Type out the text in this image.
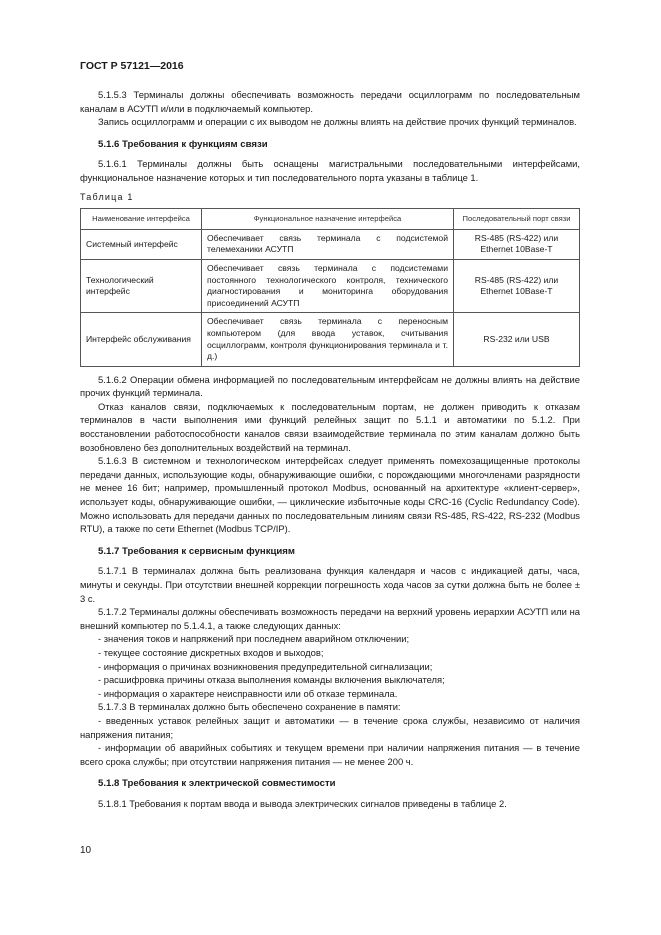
ГОСТ Р 57121—2016

5.1.5.3 Терминалы должны обеспечивать возможность передачи осциллограмм по последовательным каналам в АСУТП и/или в подключаемый компьютер.

Запись осциллограмм и операции с их выводом не должны влиять на действие прочих функций терминалов.

5.1.6 Требования к функциям связи

5.1.6.1 Терминалы должны быть оснащены магистральными последовательными интерфейсами, функциональное назначение которых и тип последовательного порта указаны в таблице 1.

Таблица 1
Наименование интерфейса	Функциональное назначение интерфейса	Последовательный порт связи
Системный интерфейс	Обеспечивает связь терминала с подсистемой телемеханики АСУТП	RS-485 (RS-422) или Ethernet 10Base-T
Технологический интерфейс	Обеспечивает связь терминала с подсистемами постоянного технологического контроля, технического диагностирования и мониторинга оборудования присоединений АСУТП	RS-485 (RS-422) или Ethernet 10Base-T
Интерфейс обслуживания	Обеспечивает связь терминала с переносным компьютером (для ввода уставок, считывания осциллограмм, контроля функционирования терминала и т. д.)	RS-232 или USB

5.1.6.2 Операции обмена информацией по последовательным интерфейсам не должны влиять на действие прочих функций терминала.

Отказ каналов связи, подключаемых к последовательным портам, не должен приводить к отказам терминалов в части выполнения ими функций релейных защит по 5.1.1 и автоматики по 5.1.2. При восстановлении работоспособности каналов связи взаимодействие терминала по этим каналам должно быть возобновлено без дополнительных воздействий на терминал.

5.1.6.3 В системном и технологическом интерфейсах следует применять помехозащищенные протоколы передачи данных, использующие коды, обнаруживающие ошибки, с порождающими многочленами разрядности не менее 16 бит; например, промышленный протокол Modbus, основанный на архитектуре «клиент-сервер», использует коды, обнаруживающие ошибки, — циклические избыточные коды CRC-16 (Cyclic Redundancy Code). Можно использовать для передачи данных по последовательным линиям связи RS-485, RS-422, RS-232 (Modbus RTU), а также по сети Ethernet (Modbus TCP/IP).

5.1.7 Требования к сервисным функциям

5.1.7.1 В терминалах должна быть реализована функция календаря и часов с индикацией даты, часа, минуты и секунды. При отсутствии внешней коррекции погрешность хода часов за сутки должна быть не более ± 3 с.

5.1.7.2 Терминалы должны обеспечивать возможность передачи на верхний уровень иерархии АСУТП или на внешний компьютер по 5.1.4.1, а также следующих данных:

- значения токов и напряжений при последнем аварийном отключении;

- текущее состояние дискретных входов и выходов;

- информация о причинах возникновения предупредительной сигнализации;

- расшифровка причины отказа выполнения команды включения выключателя;

- информация о характере неисправности или об отказе терминала.

5.1.7.3 В терминалах должно быть обеспечено сохранение в памяти:

- введенных уставок релейных защит и автоматики — в течение срока службы, независимо от наличия напряжения питания;

- информации об аварийных событиях и текущем времени при наличии напряжения питания — в течение всего срока службы; при отсутствии напряжения питания — не менее 200 ч.

5.1.8 Требования к электрической совместимости

5.1.8.1 Требования к портам ввода и вывода электрических сигналов приведены в таблице 2.

10
